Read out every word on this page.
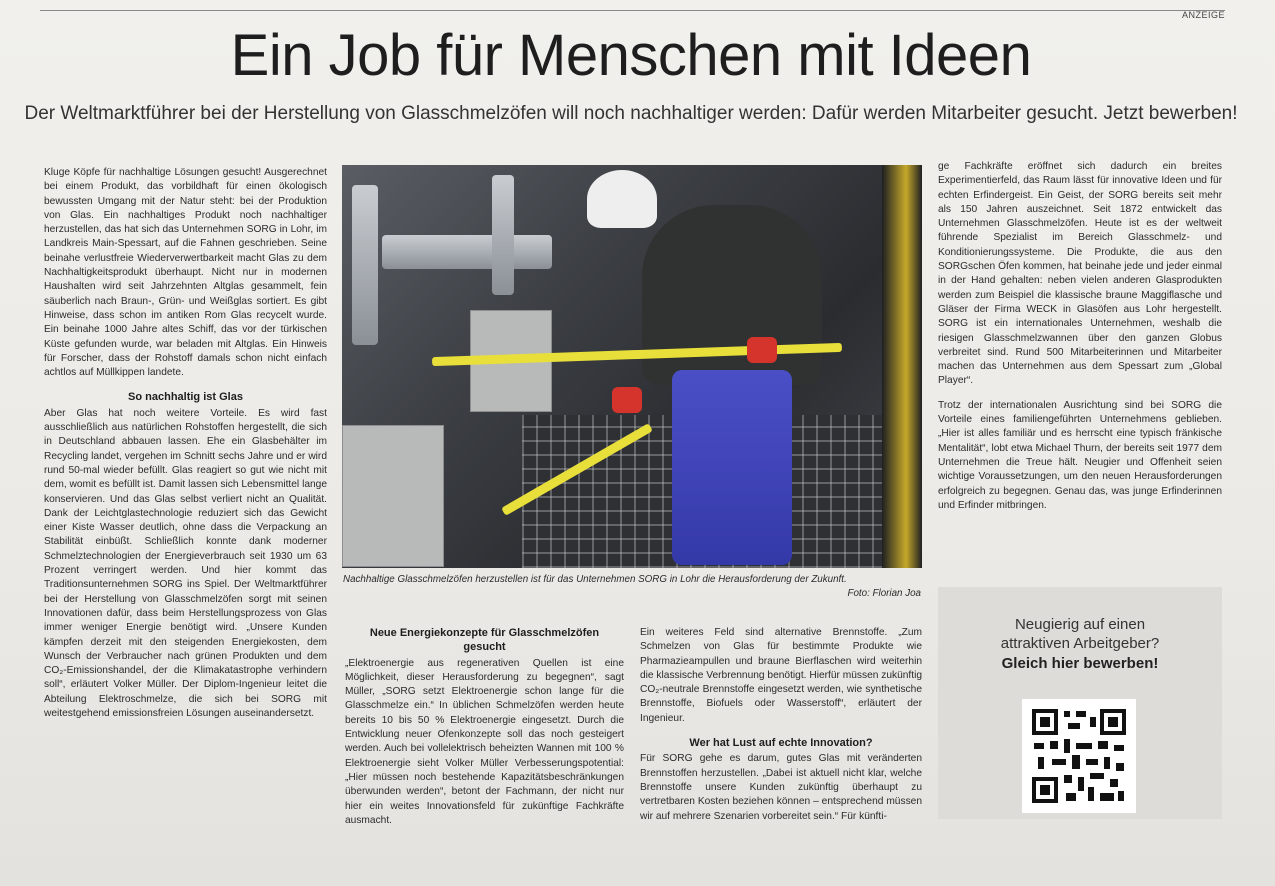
ANZEIGE
Ein Job für Menschen mit Ideen
Der Weltmarktführer bei der Herstellung von Glasschmelzöfen will noch nachhaltiger werden: Dafür werden Mitarbeiter gesucht. Jetzt bewerben!

Kluge Köpfe für nachhaltige Lösungen gesucht! Ausgerechnet bei einem Produkt, das vorbildhaft für einen ökologisch bewussten Umgang mit der Natur steht: bei der Produktion von Glas. Ein nachhaltiges Produkt noch nachhaltiger herzustellen, das hat sich das Unternehmen SORG in Lohr, im Landkreis Main-Spessart, auf die Fahnen geschrieben. Seine beinahe verlustfreie Wiederverwertbarkeit macht Glas zu dem Nachhaltigkeitsprodukt überhaupt. Nicht nur in modernen Haushalten wird seit Jahrzehnten Altglas gesammelt, fein säuberlich nach Braun-, Grün- und Weißglas sortiert. Es gibt Hinweise, dass schon im antiken Rom Glas recycelt wurde. Ein beinahe 1000 Jahre altes Schiff, das vor der türkischen Küste gefunden wurde, war beladen mit Altglas. Ein Hinweis für Forscher, dass der Rohstoff damals schon nicht einfach achtlos auf Müllkippen landete.

So nachhaltig ist Glas

Aber Glas hat noch weitere Vorteile. Es wird fast ausschließlich aus natürlichen Rohstoffen hergestellt, die sich in Deutschland abbauen lassen. Ehe ein Glasbehälter im Recycling landet, vergehen im Schnitt sechs Jahre und er wird rund 50-mal wieder befüllt. Glas reagiert so gut wie nicht mit dem, womit es befüllt ist. Damit lassen sich Lebensmittel lange konservieren. Und das Glas selbst verliert nicht an Qualität. Dank der Leichtglastechnologie reduziert sich das Gewicht einer Kiste Wasser deutlich, ohne dass die Verpackung an Stabilität einbüßt. Schließlich konnte dank moderner Schmelztechnologien der Energieverbrauch seit 1930 um 63 Prozent verringert werden. Und hier kommt das Traditionsunternehmen SORG ins Spiel. Der Weltmarktführer bei der Herstellung von Glasschmelzöfen sorgt mit seinen Innovationen dafür, dass beim Herstellungsprozess von Glas immer weniger Energie benötigt wird. „Unsere Kunden kämpfen derzeit mit den steigenden Energiekosten, dem Wunsch der Verbraucher nach grünen Produkten und dem CO₂-Emissionshandel, der die Klimakatastrophe verhindern soll“, erläutert Volker Müller. Der Diplom-Ingenieur leitet die Abteilung Elektroschmelze, die sich bei SORG mit weitestgehend emissionsfreien Lösungen auseinandersetzt.

Nachhaltige Glasschmelzöfen herzustellen ist für das Unternehmen SORG in Lohr die Herausforderung der Zukunft.
Foto: Florian Joa
Neue Energiekonzepte für Glasschmelzöfen gesucht

„Elektroenergie aus regenerativen Quellen ist eine Möglichkeit, dieser Herausforderung zu begegnen“, sagt Müller, „SORG setzt Elektroenergie schon lange für die Glasschmelze ein.“ In üblichen Schmelzöfen werden heute bereits 10 bis 50 % Elektroenergie eingesetzt. Durch die Entwicklung neuer Ofenkonzepte soll das noch gesteigert werden. Auch bei vollelektrisch beheizten Wannen mit 100 % Elektroenergie sieht Volker Müller Verbesserungspotential: „Hier müssen noch bestehende Kapazitätsbeschränkungen überwunden werden“, betont der Fachmann, der nicht nur hier ein weites Innovationsfeld für zukünftige Fachkräfte ausmacht.

Ein weiteres Feld sind alternative Brennstoffe. „Zum Schmelzen von Glas für bestimmte Produkte wie Pharmazieampullen und braune Bierflaschen wird weiterhin die klassische Verbrennung benötigt. Hierfür müssen zukünftig CO₂-neutrale Brennstoffe eingesetzt werden, wie synthetische Brennstoffe, Biofuels oder Wasserstoff“, erläutert der Ingenieur.

Wer hat Lust auf echte Innovation?

Für SORG gehe es darum, gutes Glas mit veränderten Brennstoffen herzustellen. „Dabei ist aktuell nicht klar, welche Brennstoffe unsere Kunden zukünftig überhaupt zu vertretbaren Kosten beziehen können – entsprechend müssen wir auf mehrere Szenarien vorbereitet sein.“ Für künfti-

ge Fachkräfte eröffnet sich dadurch ein breites Experimentierfeld, das Raum lässt für innovative Ideen und für echten Erfindergeist. Ein Geist, der SORG bereits seit mehr als 150 Jahren auszeichnet. Seit 1872 entwickelt das Unternehmen Glasschmelzöfen. Heute ist es der weltweit führende Spezialist im Bereich Glasschmelz- und Konditionierungssysteme. Die Produkte, die aus den SORGschen Öfen kommen, hat beinahe jede und jeder einmal in der Hand gehalten: neben vielen anderen Glasprodukten werden zum Beispiel die klassische braune Maggiflasche und Gläser der Firma WECK in Glasöfen aus Lohr hergestellt. SORG ist ein internationales Unternehmen, weshalb die riesigen Glasschmelzwannen über den ganzen Globus verbreitet sind. Rund 500 Mitarbeiterinnen und Mitarbeiter machen das Unternehmen aus dem Spessart zum „Global Player“.

Trotz der internationalen Ausrichtung sind bei SORG die Vorteile eines familiengeführten Unternehmens geblieben. „Hier ist alles familiär und es herrscht eine typisch fränkische Mentalität“, lobt etwa Michael Thurn, der bereits seit 1977 dem Unternehmen die Treue hält. Neugier und Offenheit seien wichtige Voraussetzungen, um den neuen Herausforderungen erfolgreich zu begegnen. Genau das, was junge Erfinderinnen und Erfinder mitbringen.

Neugierig auf einen
attraktiven Arbeitgeber?
Gleich hier bewerben!
